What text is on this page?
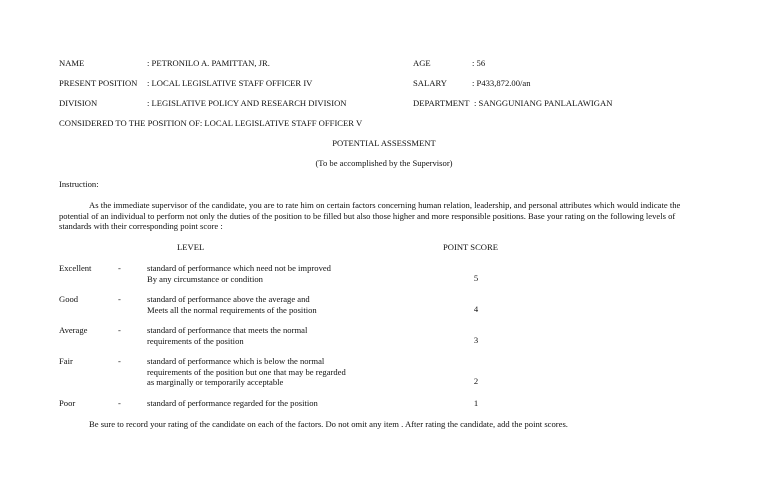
NAME	: PETRONILO A. PAMITTAN, JR.	AGE	: 56
PRESENT POSITION : LOCAL LEGISLATIVE STAFF OFFICER IV	SALARY	: P433,872.00/an
DIVISION	: LEGISLATIVE POLICY AND RESEARCH DIVISION	DEPARTMENT : SANGGUNIANG PANLALAWIGAN
CONSIDERED TO THE POSITION OF: LOCAL LEGISLATIVE STAFF OFFICER V
POTENTIAL ASSESSMENT
(To be accomplished by the Supervisor)
Instruction:
As the immediate supervisor of the candidate, you are to rate him on certain factors concerning human relation, leadership, and personal attributes which would indicate the potential of an individual to perform not only the duties of the position to be filled but also those higher and more responsible positions. Base your rating on the following levels of standards with their corresponding point score :
LEVEL	POINT SCORE
Excellent	-	standard of performance which need not be improved
By any circumstance or condition	5
Good	-	standard of performance above the average and
Meets all the normal requirements of the position	4
Average	-	standard of performance that meets the normal
requirements of the position	3
Fair	-	standard of performance which is below the normal
requirements of the position but one that may be regarded
as marginally or temporarily acceptable	2
Poor	-	standard of performance regarded for the position	1
Be sure to record your rating of the candidate on each of the factors. Do not omit any item . After rating the candidate, add the point scores.
